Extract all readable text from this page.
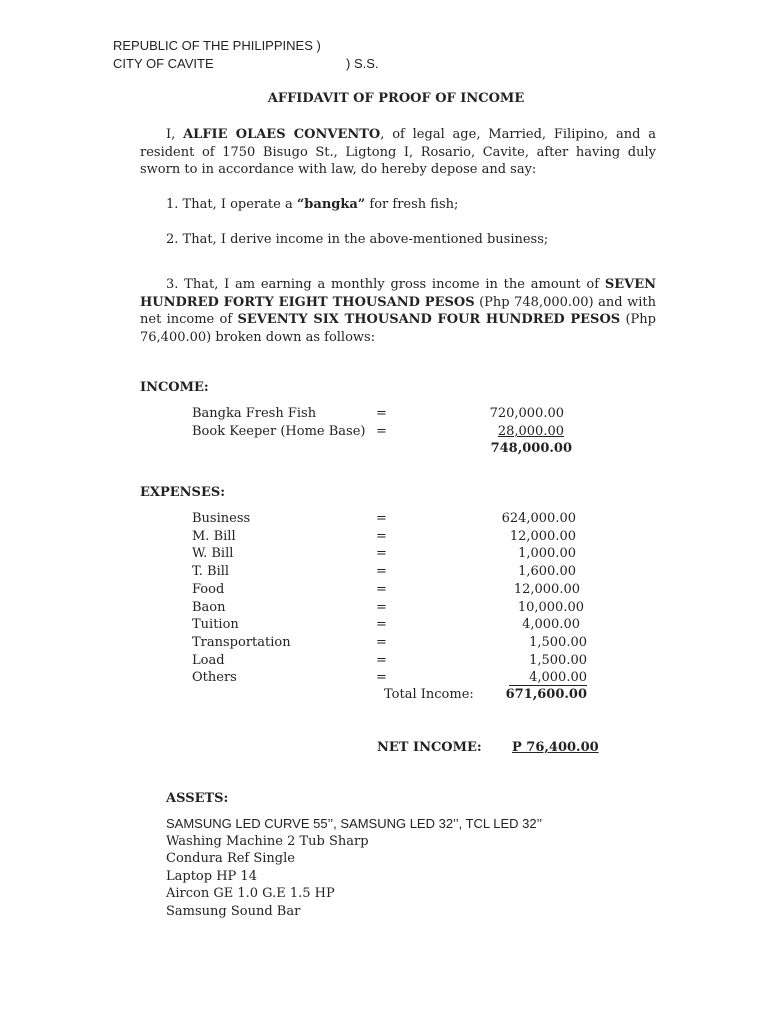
REPUBLIC OF THE PHILIPPINES )
CITY OF CAVITE	) S.S.
AFFIDAVIT OF PROOF OF INCOME
I, ALFIE OLAES CONVENTO, of legal age, Married, Filipino, and a resident of 1750 Bisugo St., Ligtong I, Rosario, Cavite, after having duly sworn to in accordance with law, do hereby depose and say:
1. That, I operate a “bangka” for fresh fish;
2. That, I derive income in the above-mentioned business;
3. That, I am earning a monthly gross income in the amount of SEVEN HUNDRED FORTY EIGHT THOUSAND PESOS (Php 748,000.00) and with net income of SEVENTY SIX THOUSAND FOUR HUNDRED PESOS (Php 76,400.00) broken down as follows:
INCOME:
Bangka Fresh Fish	=	720,000.00
Book Keeper (Home Base) =	28,000.00
748,000.00
EXPENSES:
Business	=	624,000.00
M. Bill	=	12,000.00
W. Bill	=	1,000.00
T. Bill	=	1,600.00
Food	=	12,000.00
Baon	=	10,000.00
Tuition	=	4,000.00
Transportation	=	1,500.00
Load	=	1,500.00
Others	=	4,000.00
Total Income:	671,600.00
NET INCOME: P 76,400.00
ASSETS:
SAMSUNG LED CURVE 55’’, SAMSUNG LED 32’’, TCL LED 32’’
Washing Machine 2 Tub Sharp
Condura Ref Single
Laptop HP 14
Aircon GE 1.0 G.E 1.5 HP
Samsung Sound Bar
